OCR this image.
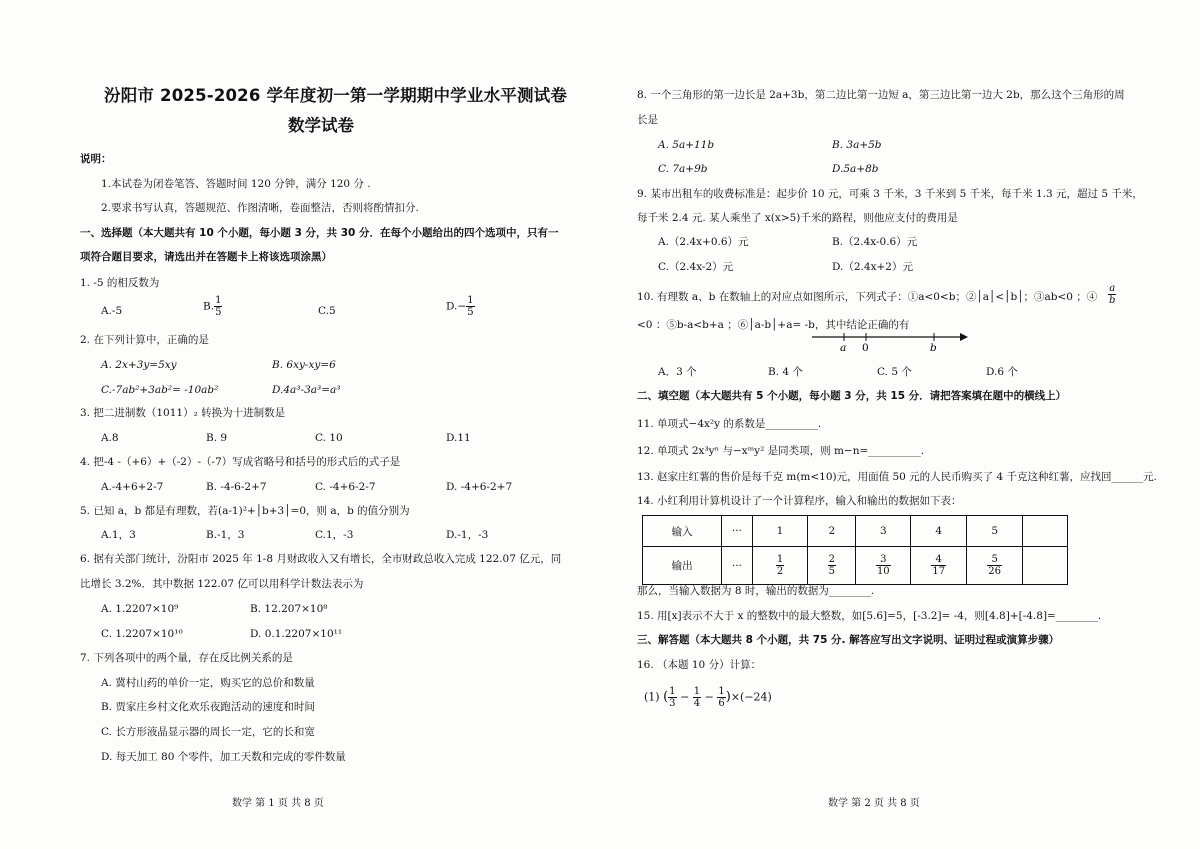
汾阳市 2025-2026 学年度初一第一学期期中学业水平测试卷
数学试卷
说明：
1.本试卷为闭卷笔答、答题时间 120 分钟，满分 120 分 .
2.要求书写认真，答题规范、作图清晰，卷面整洁，否则将酌情扣分.
一、选择题（本大题共有 10 个小题，每小题 3 分，共 30 分．在每个小题给出的四个选项中，只有一
项符合题目要求，请选出并在答题卡上将该选项涂黑）
1. -5 的相反数为
A.-5	B. $\frac{1}{5}$	C.5	$D.- \frac{1}{5}$
2. 在下列计算中，正确的是
A. 2x+3y=5xy	B. 6xy-xy=6
C.-7ab²+3ab²= -10ab²	D.4a³-3a³=a³
3. 把二进制数（1011）₂ 转换为十进制数是
A.8	B. 9	C. 10	D.11
4. 把-4 -（+6）+（-2）-（-7）写成省略号和括号的形式后的式子是
A.-4+6+2-7	B. -4-6-2+7	C. -4+6-2-7	D. -4+6-2+7
5. 已知 a，b 都是有理数，若(a-1)²+│b+3│=0，则 a，b 的值分别为
A.1，3	B.-1，3	C.1，-3	D.-1，-3
6. 据有关部门统计，汾阳市 2025 年 1-8 月财政收入又有增长，全市财政总收入完成 122.07 亿元，同
比增长 3.2%．其中数据 122.07 亿可以用科学计数法表示为
A. 1.2207×10⁹	B. 12.207×10⁸
C. 1.2207×10¹⁰	D. 0.1.2207×10¹¹
7. 下列各项中的两个量，存在反比例关系的是
A. 冀村山药的单价一定，购买它的总价和数量
B. 贾家庄乡村文化欢乐夜跑活动的速度和时间
C. 长方形液晶显示器的周长一定，它的长和宽
D. 每天加工 80 个零件，加工天数和完成的零件数量
数学 第 1 页 共 8 页
8. 一个三角形的第一边长是 2a+3b，第二边比第一边短 a，第三边比第一边大 2b，那么这个三角形的周
长是
A. 5a+11b	B. 3a+5b
C. 7a+9b	D.5a+8b
9. 某市出租车的收费标准是：起步价 10 元，可乘 3 千米，3 千米到 5 千米，每千米 1.3 元，超过 5 千米，
每千米 2.4 元. 某人乘坐了 x(x>5)千米的路程，则他应支付的费用是
A.（2.4x+0.6）元	B.（2.4x-0.6）元
C.（2.4x-2）元	D.（2.4x+2）元
10. 有理数 a、b 在数轴上的对应点如图所示，下列式子：①a<0<b；②│a│<│b│；③ab<0 ；④ $\frac{a}{b}$
<0 ：⑤b-a<b+a ；⑥│a-b│+a= -b，其中结论正确的有
a 0	b
A．3 个	B. 4 个	C. 5 个	D.6 个
二、填空题（本大题共有 5 个小题，每小题 3 分，共 15 分．请把答案填在题中的横线上）
11. 单项式−4x²y 的系数是__________.
12. 单项式 2x³yⁿ 与−xᵐy² 是同类项，则 m−n=__________.
13. 赵家庄红薯的售价是每千克 m(m<10)元，用面值 50 元的人民币购买了 4 千克这种红薯，应找回______元.
14. 小红利用计算机设计了一个计算程序，输入和输出的数据如下表：
输入	···	1	2	3	4	5	
输出	···	$\frac{1}{2}$	$\frac{2}{5}$	$\frac{3}{10}$	$\frac{4}{17}$	$\frac{5}{26}$

那么，当输入数据为 8 时，输出的数据为________.
15. 用[x]表示不大于 x 的整数中的最大整数，如[5.6]=5，[-3.2]= -4，则[4.8]+[-4.8]=________.
三、解答题（本大题共 8 个小题，共 75 分. 解答应写出文字说明、证明过程或演算步骤）
16. （本题 10 分）计算：
(1) ( $\frac{1}{3} - \frac{1}{4} - \frac{1}{6} )\times(-24)$
数学 第 2 页 共 8 页
